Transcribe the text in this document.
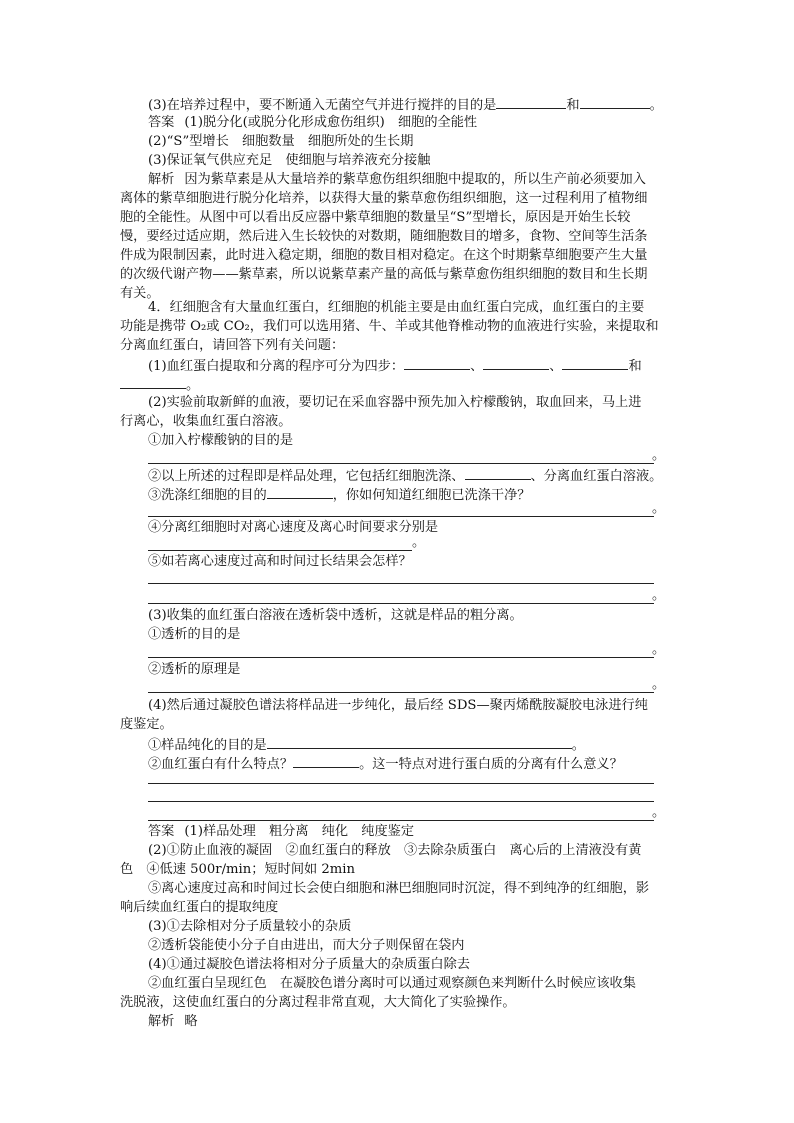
(3)在培养过程中，要不断通入无菌空气并进行搅拌的目的是	和	。
答案 (1)脱分化(或脱分化形成愈伤组织)　细胞的全能性
(2)“S”型增长　细胞数量　细胞所处的生长期
(3)保证氧气供应充足　使细胞与培养液充分接触
解析 因为紫草素是从大量培养的紫草愈伤组织细胞中提取的，所以生产前必须要加入
离体的紫草细胞进行脱分化培养，以获得大量的紫草愈伤组织细胞，这一过程利用了植物细
胞的全能性。从图中可以看出反应器中紫草细胞的数量呈“S”型增长，原因是开始生长较
慢，要经过适应期，然后进入生长较快的对数期，随细胞数目的增多，食物、空间等生活条
件成为限制因素，此时进入稳定期，细胞的数目相对稳定。在这个时期紫草细胞要产生大量
的次级代谢产物——紫草素，所以说紫草素产量的高低与紫草愈伤组织细胞的数目和生长期
有关。
4．红细胞含有大量血红蛋白，红细胞的机能主要是由血红蛋白完成，血红蛋白的主要
功能是携带 O₂或 CO₂，我们可以选用猪、牛、羊或其他脊椎动物的血液进行实验，来提取和
分离血红蛋白，请回答下列有关问题：
(1)血红蛋白提取和分离的程序可分为四步：	、	、	和
。
(2)实验前取新鲜的血液，要切记在采血容器中预先加入柠檬酸钠，取血回来，马上进
行离心，收集血红蛋白溶液。
①加入柠檬酸钠的目的是
。
②以上所述的过程即是样品处理，它包括红细胞洗涤、	、分离血红蛋白溶液。
③洗涤红细胞的目的	，你如何知道红细胞已洗涤干净？
。
④分离红细胞时对离心速度及离心时间要求分别是
。
⑤如若离心速度过高和时间过长结果会怎样？
。
(3)收集的血红蛋白溶液在透析袋中透析，这就是样品的粗分离。
①透析的目的是
。
②透析的原理是
。
(4)然后通过凝胶色谱法将样品进一步纯化，最后经 SDS—聚丙烯酰胺凝胶电泳进行纯
度鉴定。
①样品纯化的目的是	。
②血红蛋白有什么特点？	。这一特点对进行蛋白质的分离有什么意义？
。
答案 (1)样品处理　粗分离　纯化　纯度鉴定
(2)①防止血液的凝固　②血红蛋白的释放　③去除杂质蛋白　离心后的上清液没有黄
色　④低速 500r/min；短时间如 2min
⑤离心速度过高和时间过长会使白细胞和淋巴细胞同时沉淀，得不到纯净的红细胞，影
响后续血红蛋白的提取纯度
(3)①去除相对分子质量较小的杂质
②透析袋能使小分子自由进出，而大分子则保留在袋内
(4)①通过凝胶色谱法将相对分子质量大的杂质蛋白除去
②血红蛋白呈现红色　在凝胶色谱分离时可以通过观察颜色来判断什么时候应该收集
洗脱液，这使血红蛋白的分离过程非常直观，大大简化了实验操作。
解析 略
